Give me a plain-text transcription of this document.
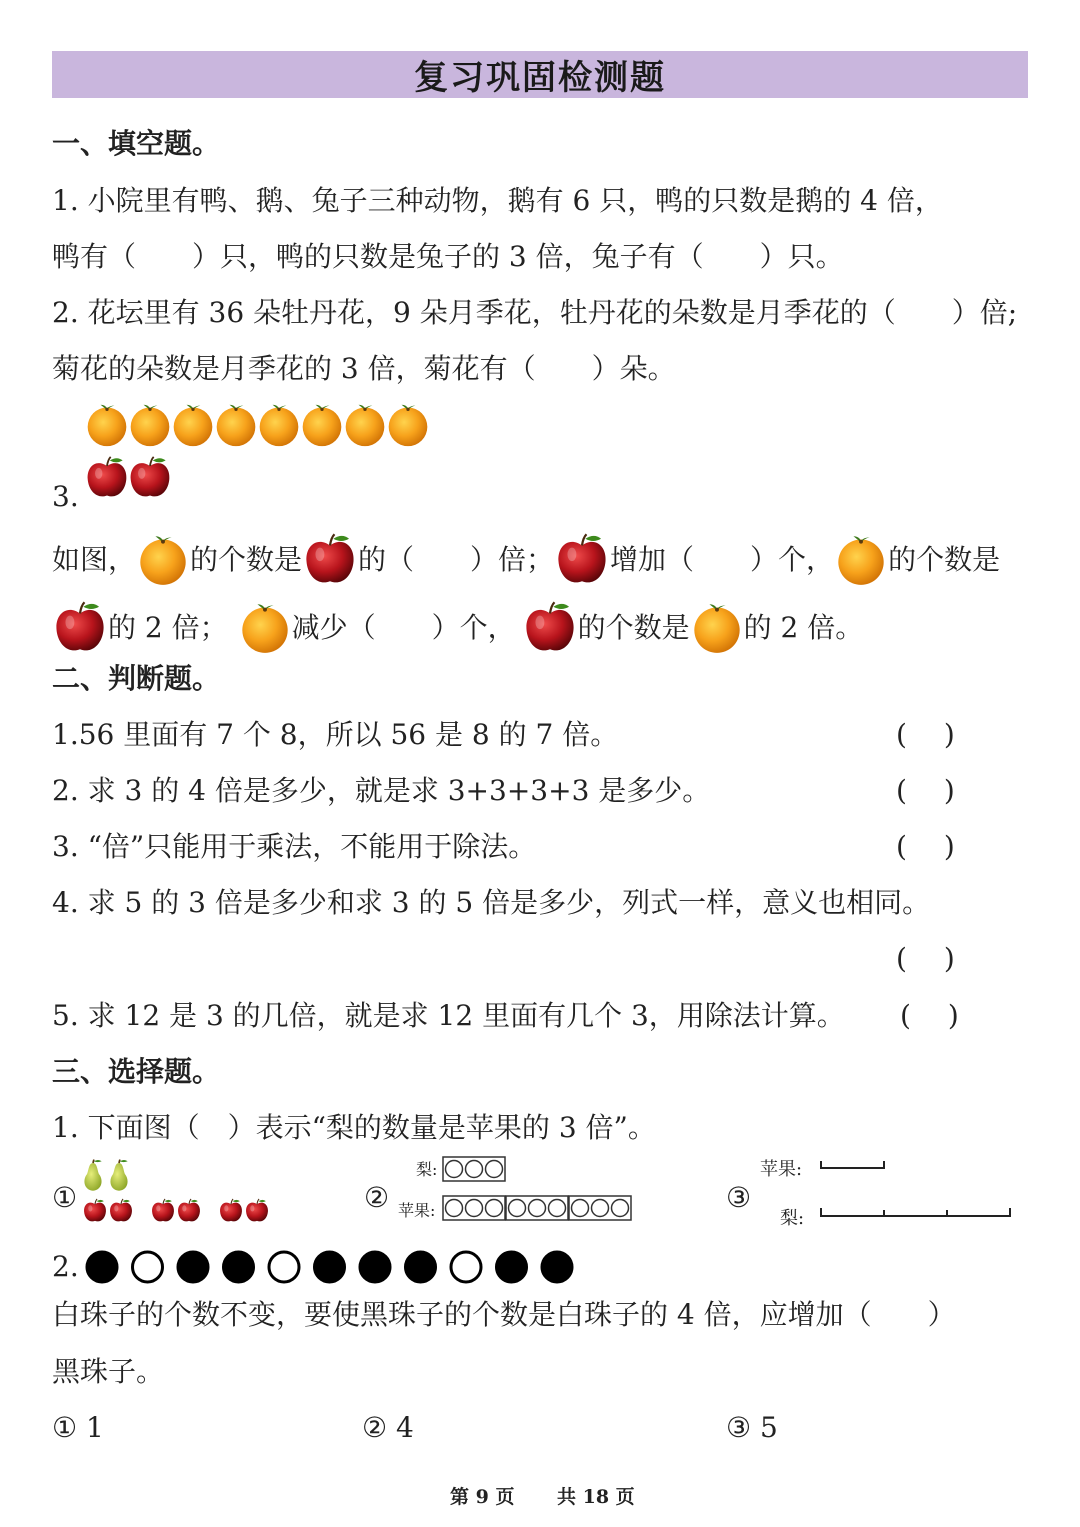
复习巩固检测题
一、填空题。
1. 小院里有鸭、鹅、兔子三种动物，鹅有 6 只，鸭的只数是鹅的 4 倍，
鸭有（　　）只，鸭的只数是兔子的 3 倍，兔子有（　　）只。
2. 花坛里有 36 朵牡丹花，9 朵月季花，牡丹花的朵数是月季花的（　　）倍;
菊花的朵数是月季花的 3 倍，菊花有（　　）朵。
3.
如图， 的个数是 的（　　）倍； 增加（　　）个， 的个数是
的 2 倍； 减少（　　）个， 的个数是 的 2 倍。
二、判断题。
1.56 里面有 7 个 8，所以 56 是 8 的 7 倍。	(　 )
2. 求 3 的 4 倍是多少，就是求 3+3+3+3 是多少。	(　 )
3. “倍”只能用于乘法，不能用于除法。	(　 )
4. 求 5 的 3 倍是多少和求 3 的 5 倍是多少，列式一样，意义也相同。
(　 )
5. 求 12 是 3 的几倍，就是求 12 里面有几个 3，用除法计算。 (　 )
三、选择题。
1. 下面图（　）表示“梨的数量是苹果的 3 倍”。
①	②
梨:
苹果:	③
苹果:
梨:
2.
白珠子的个数不变，要使黑珠子的个数是白珠子的 4 倍，应增加（　　）
黑珠子。
① 1	② 4	③ 5
第 9 页 共 18 页
